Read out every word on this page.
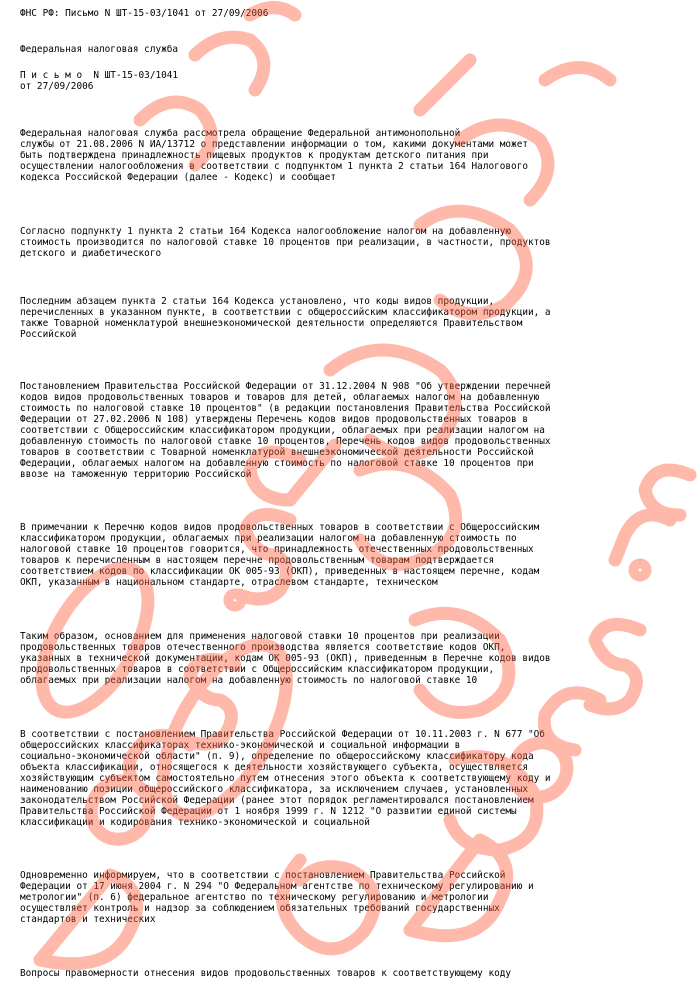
ФНС РФ: Письмо N ШТ-15-03/1041 от 27/09/2006
Федеральная налоговая служба
П и с ь м о  N ШТ-15-03/1041
от 27/09/2006
Федеральная налоговая служба рассмотрела обращение Федеральной антимонопольной
службы от 21.08.2006 N ИА/13712 о представлении информации о том, какими документами может
быть подтверждена принадлежность пищевых продуктов к продуктам детского питания при
осуществлении налогообложения в соответствии с подпунктом 1 пункта 2 статьи 164 Налогового
кодекса Российской Федерации (далее - Кодекс) и сообщает
Согласно подпункту 1 пункта 2 статьи 164 Кодекса налогообложение налогом на добавленную
стоимость производится по налоговой ставке 10 процентов при реализации, в частности, продуктов
детского и диабетического
Последним абзацем пункта 2 статьи 164 Кодекса установлено, что коды видов продукции,
перечисленных в указанном пункте, в соответствии с общероссийским классификатором продукции, а
также Товарной номенклатурой внешнеэкономической деятельности определяются Правительством
Российской
Постановлением Правительства Российской Федерации от 31.12.2004 N 908 "Об утверждении перечней
кодов видов продовольственных товаров и товаров для детей, облагаемых налогом на добавленную
стоимость по налоговой ставке 10 процентов" (в редакции постановления Правительства Российской
Федерации от 27.02.2006 N 108) утверждены Перечень кодов видов продовольственных товаров в
соответствии с Общероссийским классификатором продукции, облагаемых при реализации налогом на
добавленную стоимость по налоговой ставке 10 процентов, Перечень кодов видов продовольственных
товаров в соответствии с Товарной номенклатурой внешнеэкономической деятельности Российской
Федерации, облагаемых налогом на добавленную стоимость по налоговой ставке 10 процентов при
ввозе на таможенную территорию Российской
В примечании к Перечню кодов видов продовольственных товаров в соответствии с Общероссийским
классификатором продукции, облагаемых при реализации налогом на добавленную стоимость по
налоговой ставке 10 процентов говорится, что принадлежность отечественных продовольственных
товаров к перечисленным в настоящем перечне продовольственным товарам подтверждается
соответствием кодов по классификации ОК 005-93 (ОКП), приведенных в настоящем перечне, кодам
ОКП, указанным в национальном стандарте, отраслевом стандарте, техническом
Таким образом, основанием для применения налоговой ставки 10 процентов при реализации
продовольственных товаров отечественного производства является соответствие кодов ОКП,
указанных в технической документации, кодам ОК 005-93 (ОКП), приведенным в Перечне кодов видов
продовольственных товаров в соответствии с Общероссийским классификатором продукции,
облагаемых при реализации налогом на добавленную стоимость по налоговой ставке 10
В соответствии с постановлением Правительства Российской Федерации от 10.11.2003 г. N 677 "Об
общероссийских классификаторах технико-экономической и социальной информации в
социально-экономической области" (п. 9), определение по общероссийскому классификатору кода
объекта классификации, относящегося к деятельности хозяйствующего субъекта, осуществляется
хозяйствующим субъектом самостоятельно путем отнесения этого объекта к соответствующему коду и
наименованию позиции общероссийского классификатора, за исключением случаев, установленных
законодательством Российской Федерации (ранее этот порядок регламентировался постановлением
Правительства Российской Федерации от 1 ноября 1999 г. N 1212 "О развитии единой системы
классификации и кодирования технико-экономической и социальной
Одновременно информируем, что в соответствии с постановлением Правительства Российской
Федерации от 17 июня 2004 г. N 294 "О Федеральном агентстве по техническому регулированию и
метрологии" (п. 6) федеральное агентство по техническому регулированию и метрологии
осуществляет контроль и надзор за соблюдением обязательных требований государственных
стандартов и технических
Вопросы правомерности отнесения видов продовольственных товаров к соответствующему коду
